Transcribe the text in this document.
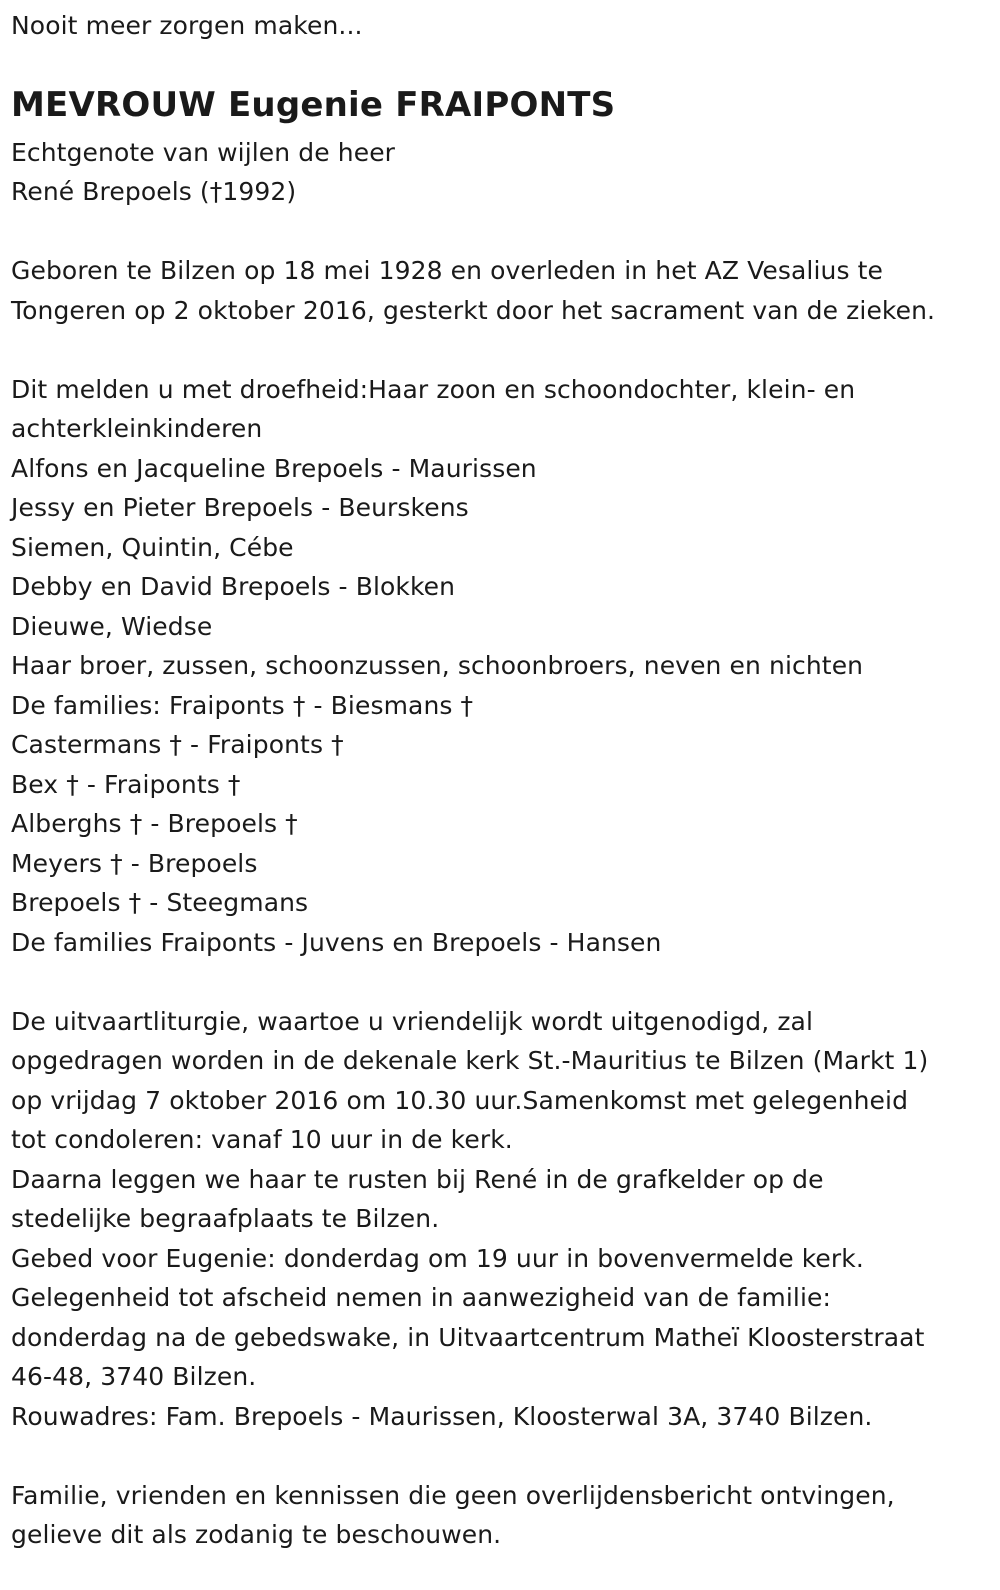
Nooit meer zorgen maken...
MEVROUW Eugenie FRAIPONTS
Echtgenote van wijlen de heer
René Brepoels (†1992)
Geboren te Bilzen op 18 mei 1928 en overleden in het AZ Vesalius te
Tongeren op 2 oktober 2016, gesterkt door het sacrament van de zieken.
Dit melden u met droefheid:Haar zoon en schoondochter, klein- en
achterkleinkinderen
Alfons en Jacqueline Brepoels - Maurissen
Jessy en Pieter Brepoels - Beurskens
Siemen, Quintin, Cébe
Debby en David Brepoels - Blokken
Dieuwe, Wiedse
Haar broer, zussen, schoonzussen, schoonbroers, neven en nichten
De families: Fraiponts † - Biesmans †
Castermans † - Fraiponts †
Bex † - Fraiponts †
Alberghs † - Brepoels †
Meyers † - Brepoels
Brepoels † - Steegmans
De families Fraiponts - Juvens en Brepoels - Hansen
De uitvaartliturgie, waartoe u vriendelijk wordt uitgenodigd, zal
opgedragen worden in de dekenale kerk St.-Mauritius te Bilzen (Markt 1)
op vrijdag 7 oktober 2016 om 10.30 uur.Samenkomst met gelegenheid
tot condoleren: vanaf 10 uur in de kerk.
Daarna leggen we haar te rusten bij René in de grafkelder op de
stedelijke begraafplaats te Bilzen.
Gebed voor Eugenie: donderdag om 19 uur in bovenvermelde kerk.
Gelegenheid tot afscheid nemen in aanwezigheid van de familie:
donderdag na de gebedswake, in Uitvaartcentrum Matheï Kloosterstraat
46-48, 3740 Bilzen.
Rouwadres: Fam. Brepoels - Maurissen, Kloosterwal 3A, 3740 Bilzen.
Familie, vrienden en kennissen die geen overlijdensbericht ontvingen,
gelieve dit als zodanig te beschouwen.
